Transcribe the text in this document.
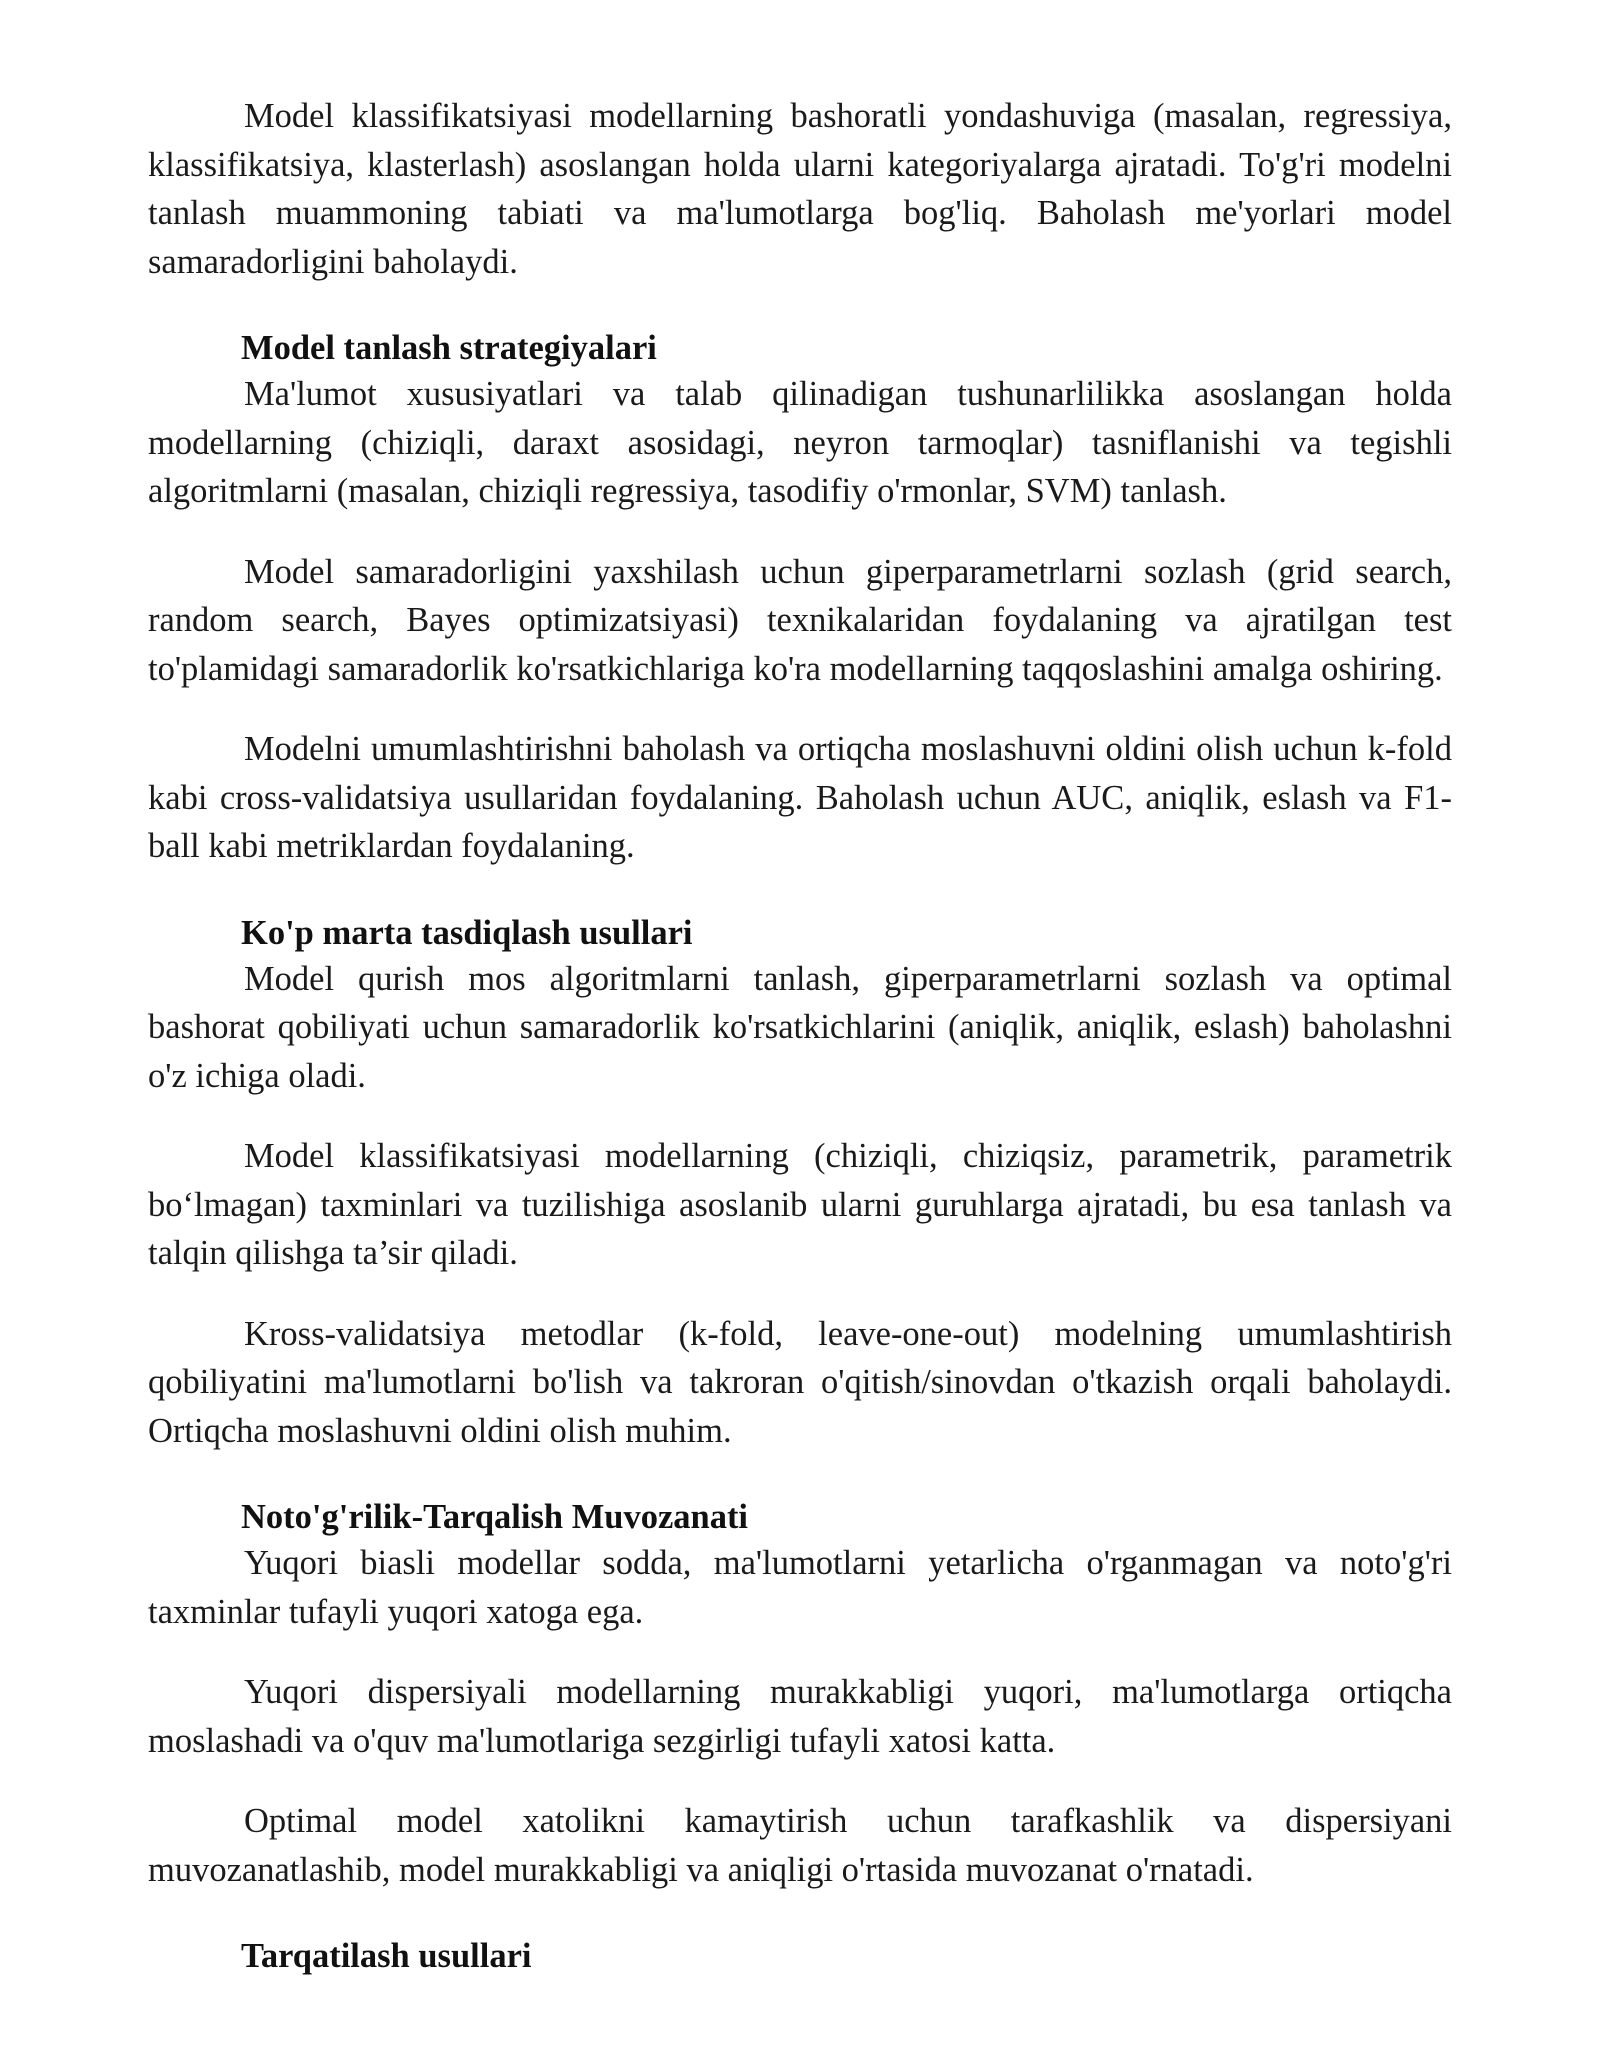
Model klassifikatsiyasi modellarning bashoratli yondashuviga (masalan, regressiya, klassifikatsiya, klasterlash) asoslangan holda ularni kategoriyalarga ajratadi. To'g'ri modelni tanlash muammoning tabiati va ma'lumotlarga bog'liq. Baholash me'yorlari model samaradorligini baholaydi.

Model tanlash strategiyalari

Ma'lumot xususiyatlari va talab qilinadigan tushunarlilikka asoslangan holda modellarning (chiziqli, daraxt asosidagi, neyron tarmoqlar) tasniflanishi va tegishli algoritmlarni (masalan, chiziqli regressiya, tasodifiy o'rmonlar, SVM) tanlash.

Model samaradorligini yaxshilash uchun giperparametrlarni sozlash (grid search, random search, Bayes optimizatsiyasi) texnikalaridan foydalaning va ajratilgan test to'plamidagi samaradorlik ko'rsatkichlariga ko'ra modellarning taqqoslashini amalga oshiring.

Modelni umumlashtirishni baholash va ortiqcha moslashuvni oldini olish uchun k-fold kabi cross-validatsiya usullaridan foydalaning. Baholash uchun AUC, aniqlik, eslash va F1-ball kabi metriklardan foydalaning.

Ko'p marta tasdiqlash usullari

Model qurish mos algoritmlarni tanlash, giperparametrlarni sozlash va optimal bashorat qobiliyati uchun samaradorlik ko'rsatkichlarini (aniqlik, aniqlik, eslash) baholashni o'z ichiga oladi.

Model klassifikatsiyasi modellarning (chiziqli, chiziqsiz, parametrik, parametrik bo‘lmagan) taxminlari va tuzilishiga asoslanib ularni guruhlarga ajratadi, bu esa tanlash va talqin qilishga ta’sir qiladi.

Kross-validatsiya metodlar (k-fold, leave-one-out) modelning umumlashtirish qobiliyatini ma'lumotlarni bo'lish va takroran o'qitish/sinovdan o'tkazish orqali baholaydi. Ortiqcha moslashuvni oldini olish muhim.

Noto'g'rilik-Tarqalish Muvozanati

Yuqori biasli modellar sodda, ma'lumotlarni yetarlicha o'rganmagan va noto'g'ri taxminlar tufayli yuqori xatoga ega.

Yuqori dispersiyali modellarning murakkabligi yuqori, ma'lumotlarga ortiqcha moslashadi va o'quv ma'lumotlariga sezgirligi tufayli xatosi katta.

Optimal model xatolikni kamaytirish uchun tarafkashlik va dispersiyani muvozanatlashib, model murakkabligi va aniqligi o'rtasida muvozanat o'rnatadi.

Tarqatilash usullari
